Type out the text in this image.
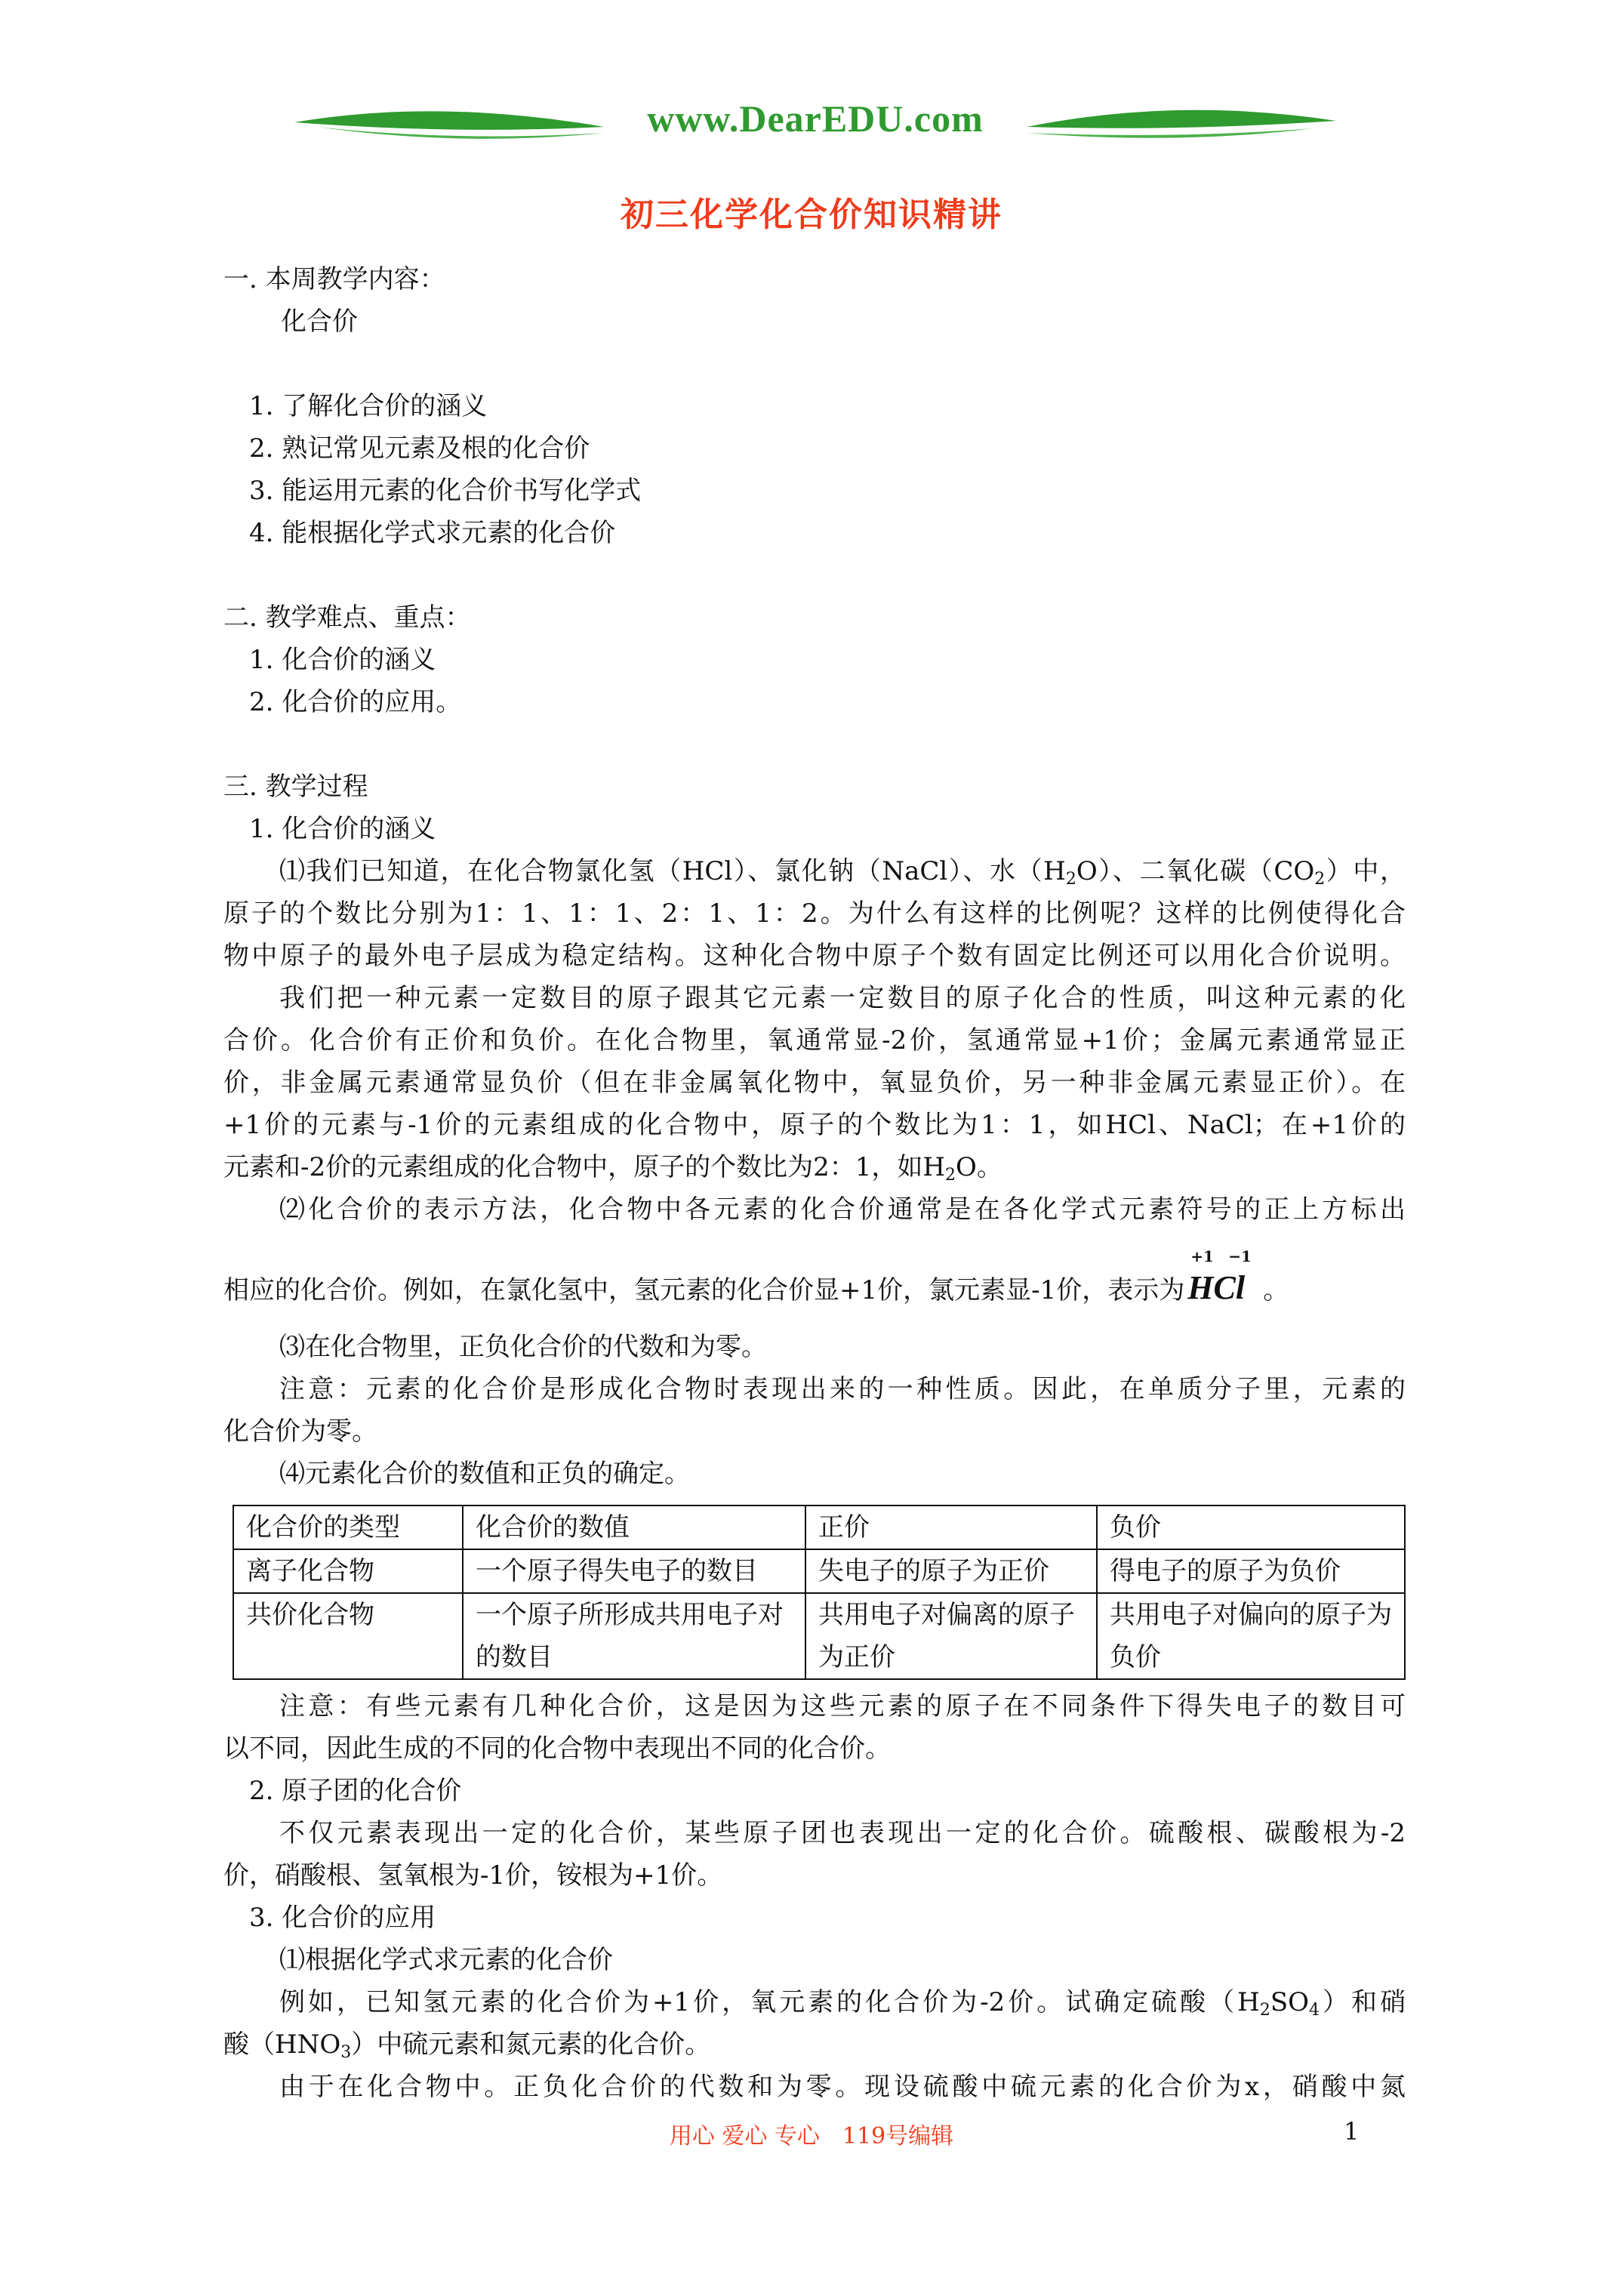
www.DearEDU.com
初三化学化合价知识精讲
一. 本周教学内容：
化合价
1. 了解化合价的涵义
2. 熟记常见元素及根的化合价
3. 能运用元素的化合价书写化学式
4. 能根据化学式求元素的化合价
二. 教学难点、重点：
1. 化合价的涵义
2. 化合价的应用。
三. 教学过程
1. 化合价的涵义
⑴我们已知道，在化合物氯化氢（HCl）、氯化钠（NaCl）、水$(H_2O)$、二氧化碳$(CO_2)$中，
原子的个数比分别为1：1、1：1、2：1、1：2。为什么有这样的比例呢？这样的比例使得化合
物中原子的最外电子层成为稳定结构。这种化合物中原子个数有固定比例还可以用化合价说明。
我们把一种元素一定数目的原子跟其它元素一定数目的原子化合的性质，叫这种元素的化
合价。化合价有正价和负价。在化合物里，氧通常显-2价，氢通常显+1价；金属元素通常显正
价，非金属元素通常显负价（但在非金属氧化物中，氧显负价，另一种非金属元素显正价）。在
+1价的元素与-1价的元素组成的化合物中，原子的个数比为1：1，如HCl、NaCl；在+1价的
元素和-2价的元素组成的化合物中，原子的个数比为2：1，如$H_2O$。
⑵化合价的表示方法，化合物中各元素的化合价通常是在各化学式元素符号的正上方标出
相应的化合价。例如，在氯化氢中，氢元素的化合价显+1价，氯元素显-1价，表示为
+1 −1
HCl 。
⑶在化合物里，正负化合价的代数和为零。
注意：元素的化合价是形成化合物时表现出来的一种性质。因此，在单质分子里，元素的
化合价为零。
⑷元素化合价的数值和正负的确定。
化合价的类型	化合价的数值	正价	负价
离子化合物	一个原子得失电子的数目	失电子的原子为正价	得电子的原子为负价
共价化合物	一个原子所形成共用电子对的数目	共用电子对偏离的原子为正价	共用电子对偏向的原子为负价
注意：有些元素有几种化合价，这是因为这些元素的原子在不同条件下得失电子的数目可
以不同，因此生成的不同的化合物中表现出不同的化合价。
2. 原子团的化合价
不仅元素表现出一定的化合价，某些原子团也表现出一定的化合价。硫酸根、碳酸根为-2
价，硝酸根、氢氧根为-1价，铵根为+1价。
3. 化合价的应用
⑴根据化学式求元素的化合价
例如，已知氢元素的化合价为+1价，氧元素的化合价为-2价。试确定硫酸$(H_2SO_4)$和硝
酸$(HNO_3)$中硫元素和氮元素的化合价。
由于在化合物中。正负化合价的代数和为零。现设硫酸中硫元素的化合价为x，硝酸中氮
用心 爱心 专心　119号编辑	1
